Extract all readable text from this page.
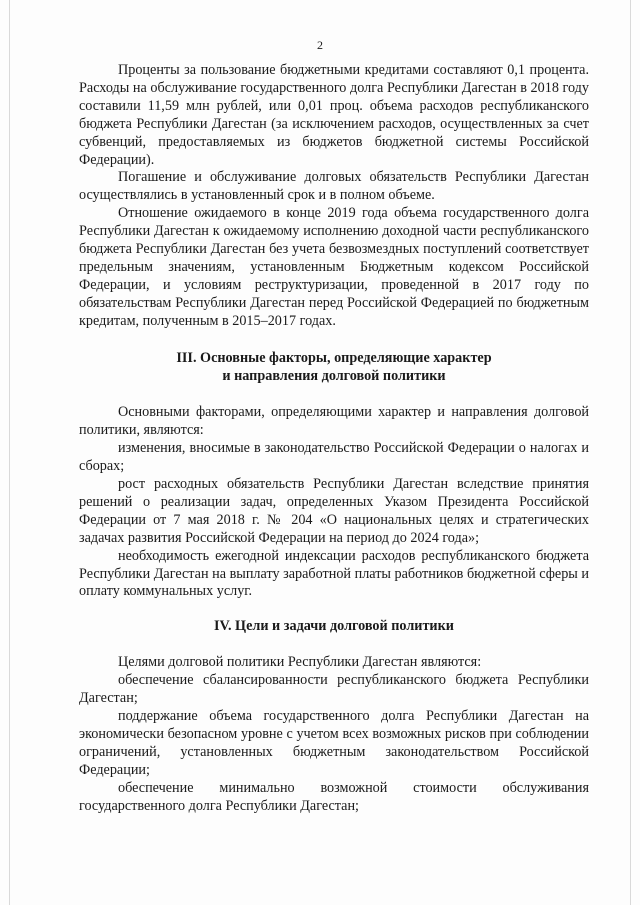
2

Проценты за пользование бюджетными кредитами составляют 0,1 процента. Расходы на обслуживание государственного долга Республики Дагестан в 2018 году составили 11,59 млн рублей, или 0,01 проц. объема расходов республиканского бюджета Республики Дагестан (за исключением расходов, осуществленных за счет субвенций, предоставляемых из бюджетов бюджетной системы Российской Федерации).

Погашение и обслуживание долговых обязательств Республики Дагестан осуществлялись в установленный срок и в полном объеме.

Отношение ожидаемого в конце 2019 года объема государственного долга Республики Дагестан к ожидаемому исполнению доходной части республиканского бюджета Республики Дагестан без учета безвозмездных поступлений соответствует предельным значениям, установленным Бюджетным кодексом Российской Федерации, и условиям реструктуризации, проведенной в 2017 году по обязательствам Республики Дагестан перед Российской Федерацией по бюджетным кредитам, полученным в 2015–2017 годах.

III. Основные факторы, определяющие характер
и направления долговой политики

Основными факторами, определяющими характер и направления долговой политики, являются:

изменения, вносимые в законодательство Российской Федерации о налогах и сборах;

рост расходных обязательств Республики Дагестан вследствие принятия решений о реализации задач, определенных Указом Президента Российской Федерации от 7 мая 2018 г. № 204 «О национальных целях и стратегических задачах развития Российской Федерации на период до 2024 года»;

необходимость ежегодной индексации расходов республиканского бюджета Республики Дагестан на выплату заработной платы работников бюджетной сферы и оплату коммунальных услуг.

IV. Цели и задачи долговой политики

Целями долговой политики Республики Дагестан являются:

обеспечение сбалансированности республиканского бюджета Республики Дагестан;

поддержание объема государственного долга Республики Дагестан на экономически безопасном уровне с учетом всех возможных рисков при соблюдении ограничений, установленных бюджетным законодательством Российской Федерации;

обеспечение минимально возможной стоимости обслуживания государственного долга Республики Дагестан;
